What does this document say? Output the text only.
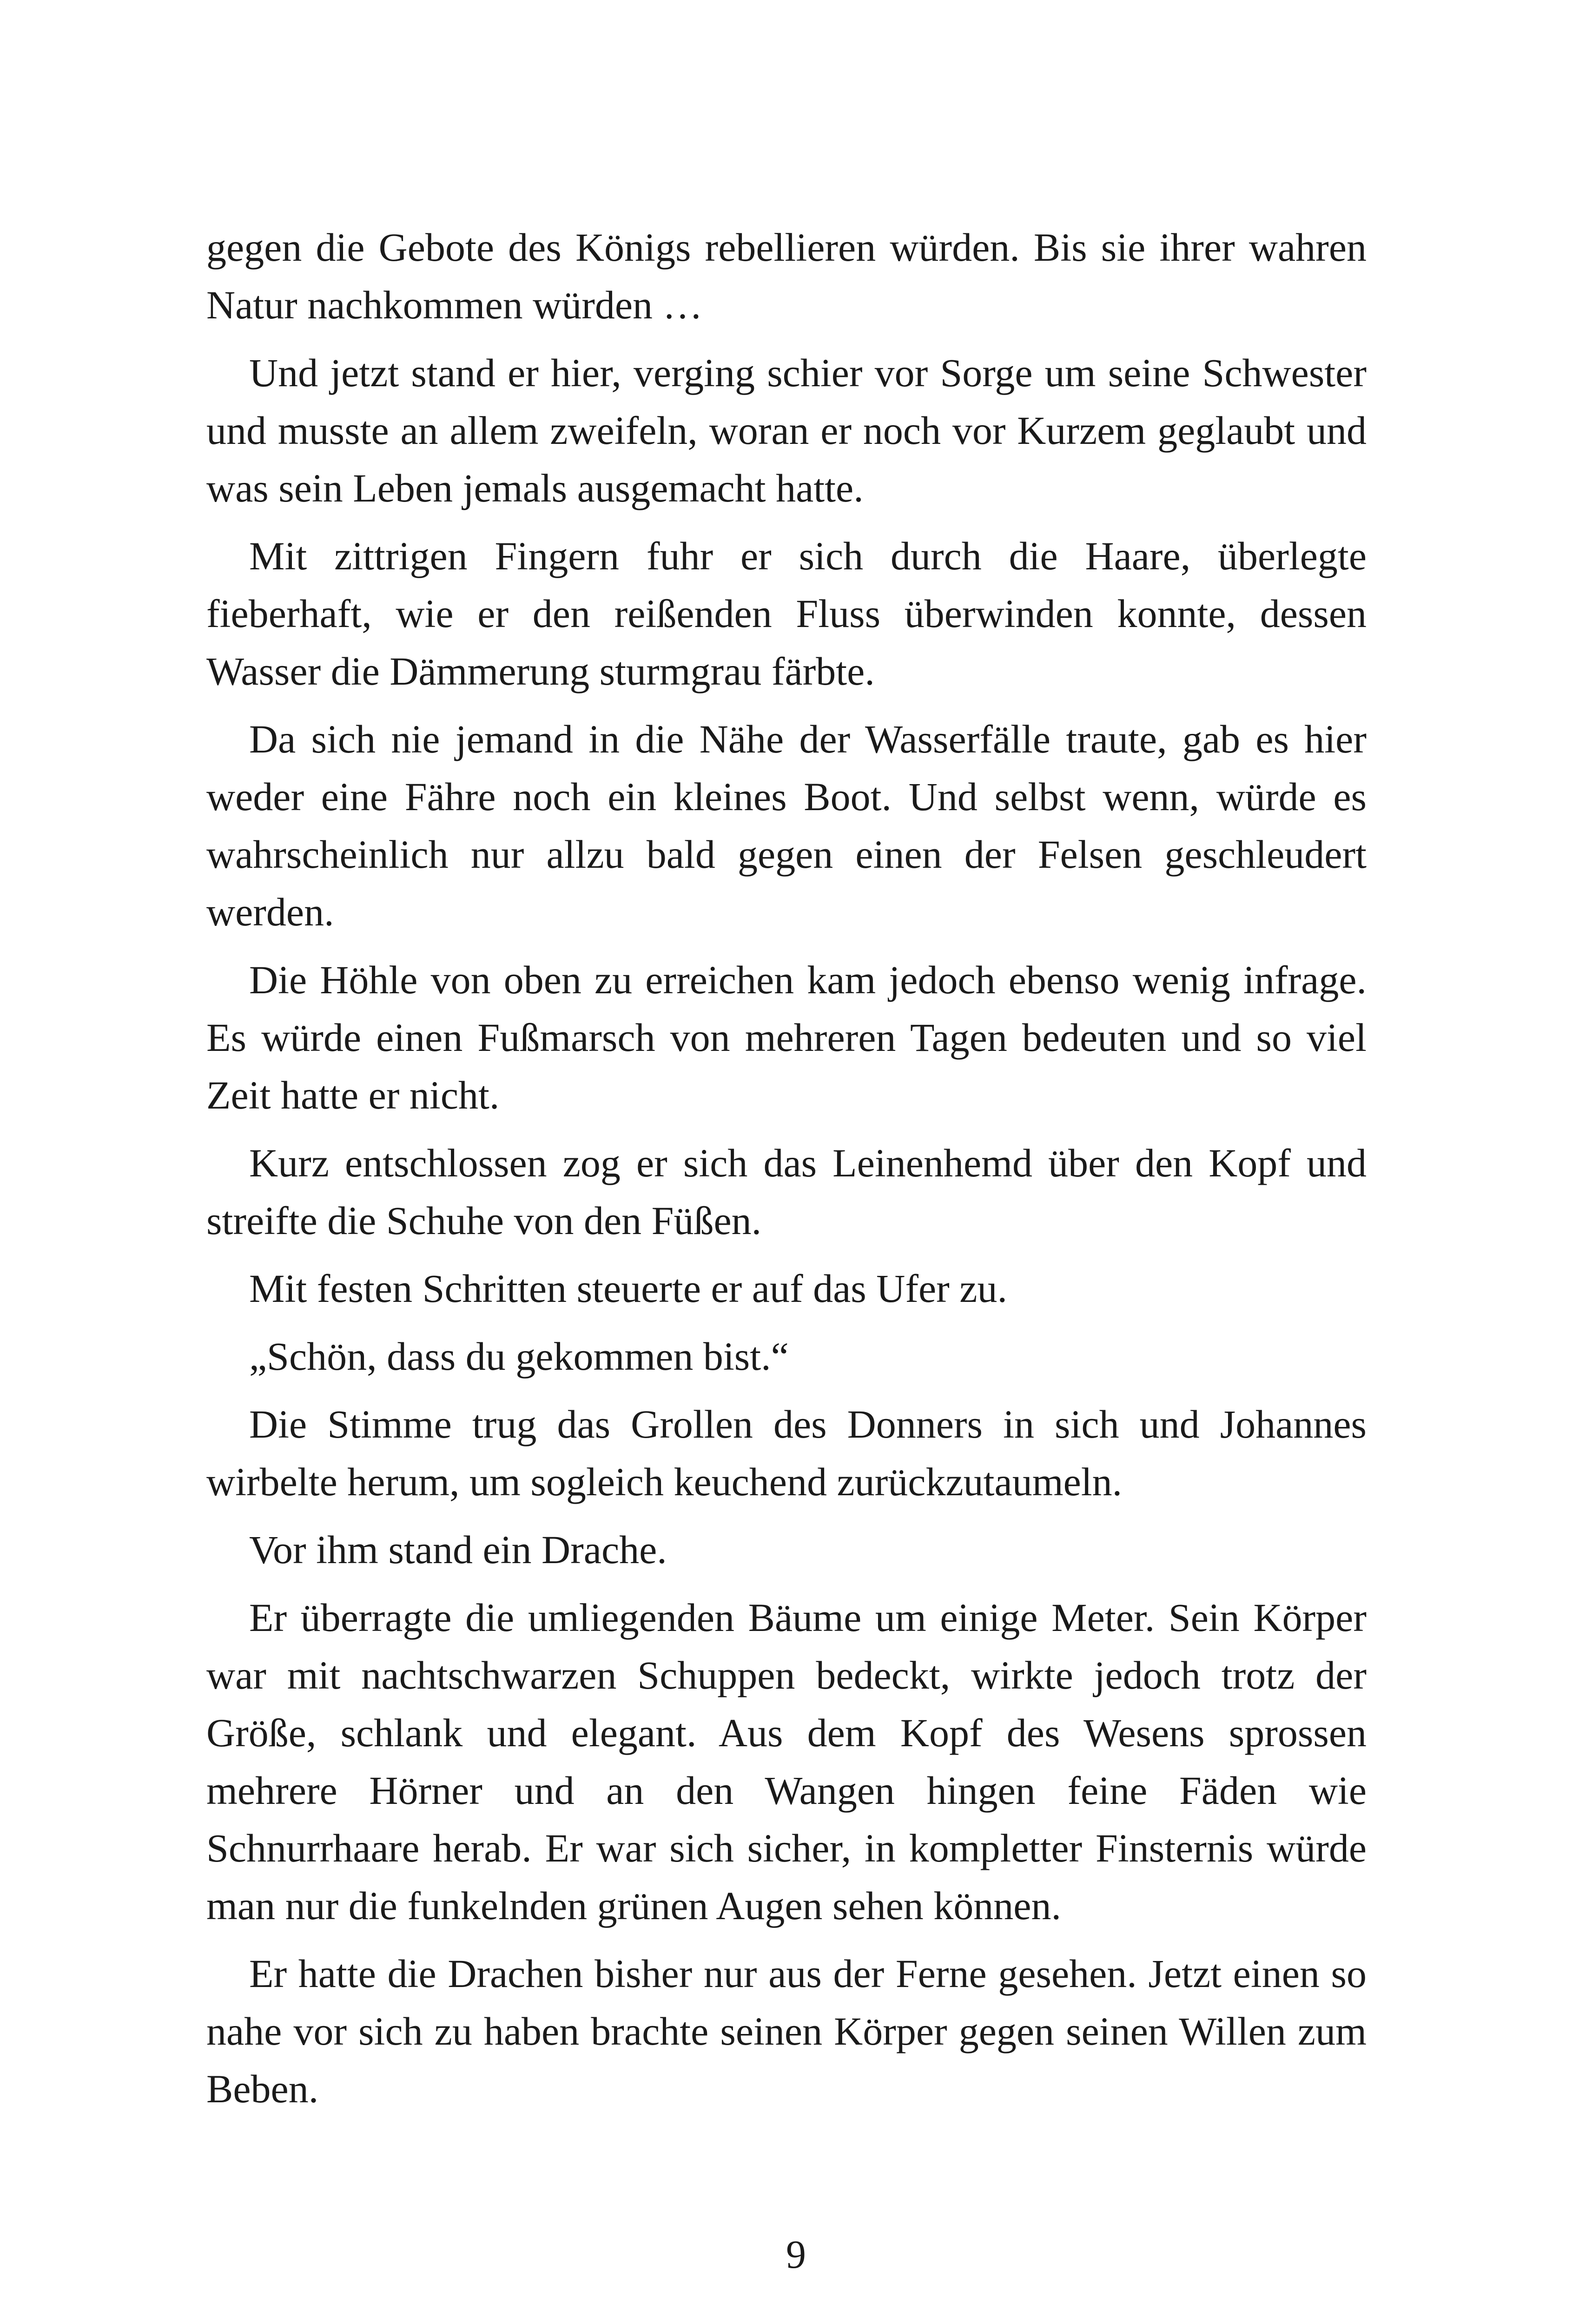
gegen die Gebote des Königs rebellieren würden. Bis sie ihrer wahren Natur nachkommen würden …

Und jetzt stand er hier, verging schier vor Sorge um seine Schwester und musste an allem zweifeln, woran er noch vor Kurzem geglaubt und was sein Leben jemals ausgemacht hatte.

Mit zittrigen Fingern fuhr er sich durch die Haare, überlegte fieberhaft, wie er den reißenden Fluss überwinden konnte, dessen Wasser die Dämmerung sturmgrau färbte.

Da sich nie jemand in die Nähe der Wasserfälle traute, gab es hier weder eine Fähre noch ein kleines Boot. Und selbst wenn, würde es wahrscheinlich nur allzu bald gegen einen der Felsen geschleudert werden.

Die Höhle von oben zu erreichen kam jedoch ebenso wenig infrage. Es würde einen Fußmarsch von mehreren Tagen bedeuten und so viel Zeit hatte er nicht.

Kurz entschlossen zog er sich das Leinenhemd über den Kopf und streifte die Schuhe von den Füßen.

Mit festen Schritten steuerte er auf das Ufer zu.

„Schön, dass du gekommen bist.“

Die Stimme trug das Grollen des Donners in sich und Johannes wirbelte herum, um sogleich keuchend zurückzutaumeln.

Vor ihm stand ein Drache.

Er überragte die umliegenden Bäume um einige Meter. Sein Körper war mit nachtschwarzen Schuppen bedeckt, wirkte jedoch trotz der Größe, schlank und elegant. Aus dem Kopf des Wesens sprossen mehrere Hörner und an den Wangen hingen feine Fäden wie Schnurrhaare herab. Er war sich sicher, in kompletter Finsternis würde man nur die funkelnden grünen Augen sehen können.

Er hatte die Drachen bisher nur aus der Ferne gesehen. Jetzt einen so nahe vor sich zu haben brachte seinen Körper gegen seinen Willen zum Beben.

9
